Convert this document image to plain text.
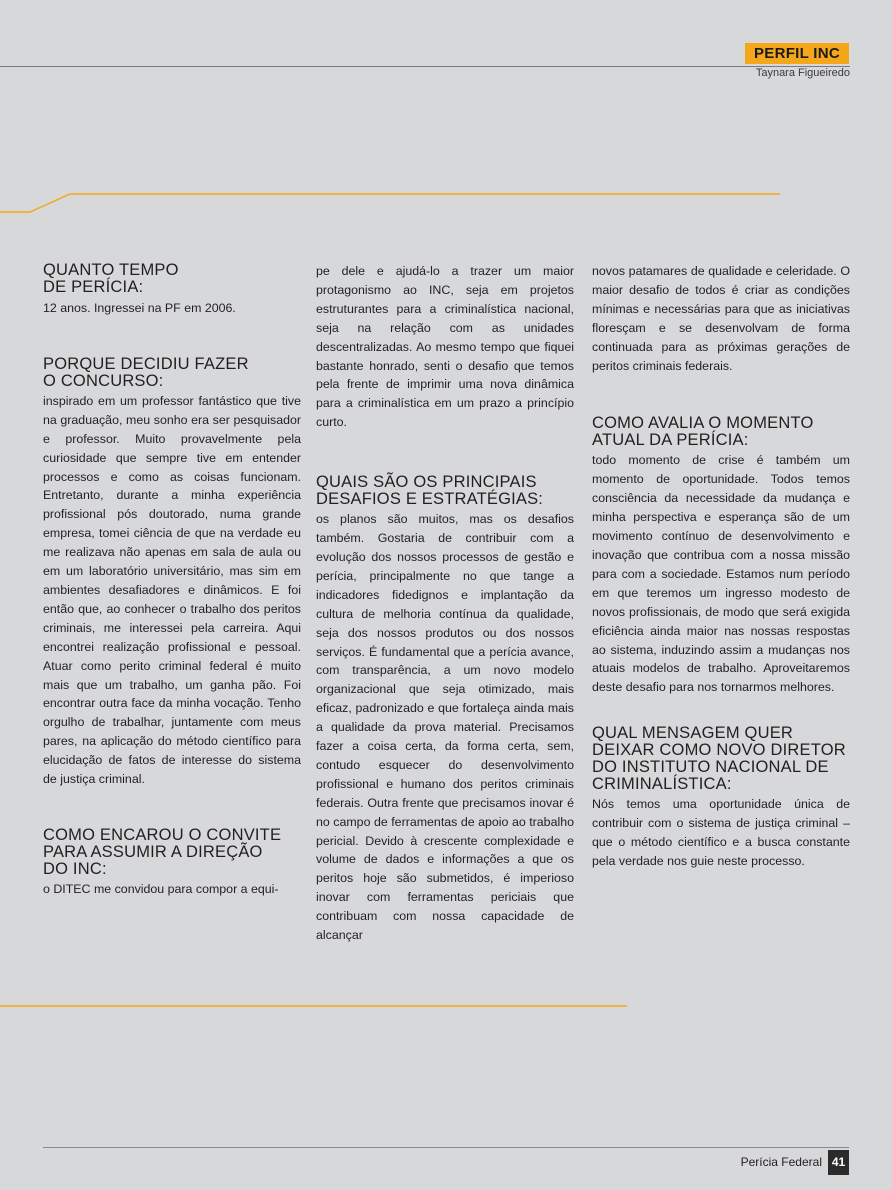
PERFIL INC
Taynara Figueiredo
QUANTO TEMPO
DE PERÍCIA:

12 anos. Ingressei na PF em 2006.

PORQUE DECIDIU FAZER
O CONCURSO:

inspirado em um professor fantástico que tive na graduação, meu sonho era ser pesquisador e professor. Muito provavelmente pela curiosidade que sempre tive em entender processos e como as coisas funcionam. Entretanto, durante a minha experiência profissional pós doutorado, numa grande empresa, tomei ciência de que na verdade eu me realizava não apenas em sala de aula ou em um laboratório universitário, mas sim em ambientes desafiadores e dinâmicos. E foi então que, ao conhecer o trabalho dos peritos criminais, me interessei pela carreira. Aqui encontrei realização profissional e pessoal. Atuar como perito criminal federal é muito mais que um trabalho, um ganha pão. Foi encontrar outra face da minha vocação. Tenho orgulho de trabalhar, juntamente com meus pares, na aplicação do método científico para elucidação de fatos de interesse do sistema de justiça criminal.

COMO ENCAROU O CONVITE
PARA ASSUMIR A DIREÇÃO
DO INC:

o DITEC me convidou para compor a equi-

pe dele e ajudá-lo a trazer um maior protagonismo ao INC, seja em projetos estruturantes para a criminalística nacional, seja na relação com as unidades descentralizadas. Ao mesmo tempo que fiquei bastante honrado, senti o desafio que temos pela frente de imprimir uma nova dinâmica para a criminalística em um prazo a princípio curto.

QUAIS SÃO OS PRINCIPAIS
DESAFIOS E ESTRATÉGIAS:

os planos são muitos, mas os desafios também. Gostaria de contribuir com a evolução dos nossos processos de gestão e perícia, principalmente no que tange a indicadores fidedignos e implantação da cultura de melhoria contínua da qualidade, seja dos nossos produtos ou dos nossos serviços. É fundamental que a perícia avance, com transparência, a um novo modelo organizacional que seja otimizado, mais eficaz, padronizado e que fortaleça ainda mais a qualidade da prova material. Precisamos fazer a coisa certa, da forma certa, sem, contudo esquecer do desenvolvimento profissional e humano dos peritos criminais federais. Outra frente que precisamos inovar é no campo de ferramentas de apoio ao trabalho pericial. Devido à crescente complexidade e volume de dados e informações a que os peritos hoje são submetidos, é imperioso inovar com ferramentas periciais que contribuam com nossa capacidade de alcançar

novos patamares de qualidade e celeridade. O maior desafio de todos é criar as condições mínimas e necessárias para que as iniciativas floresçam e se desenvolvam de forma continuada para as próximas gerações de peritos criminais federais.

COMO AVALIA O MOMENTO
ATUAL DA PERÍCIA:

todo momento de crise é também um momento de oportunidade. Todos temos consciência da necessidade da mudança e minha perspectiva e esperança são de um movimento contínuo de desenvolvimento e inovação que contribua com a nossa missão para com a sociedade. Estamos num período em que teremos um ingresso modesto de novos profissionais, de modo que será exigida eficiência ainda maior nas nossas respostas ao sistema, induzindo assim a mudanças nos atuais modelos de trabalho. Aproveitaremos deste desafio para nos tornarmos melhores.

QUAL MENSAGEM QUER
DEIXAR COMO NOVO DIRETOR
DO INSTITUTO NACIONAL DE
CRIMINALÍSTICA:

Nós temos uma oportunidade única de contribuir com o sistema de justiça criminal – que o método científico e a busca constante pela verdade nos guie neste processo.

Perícia Federal 41
